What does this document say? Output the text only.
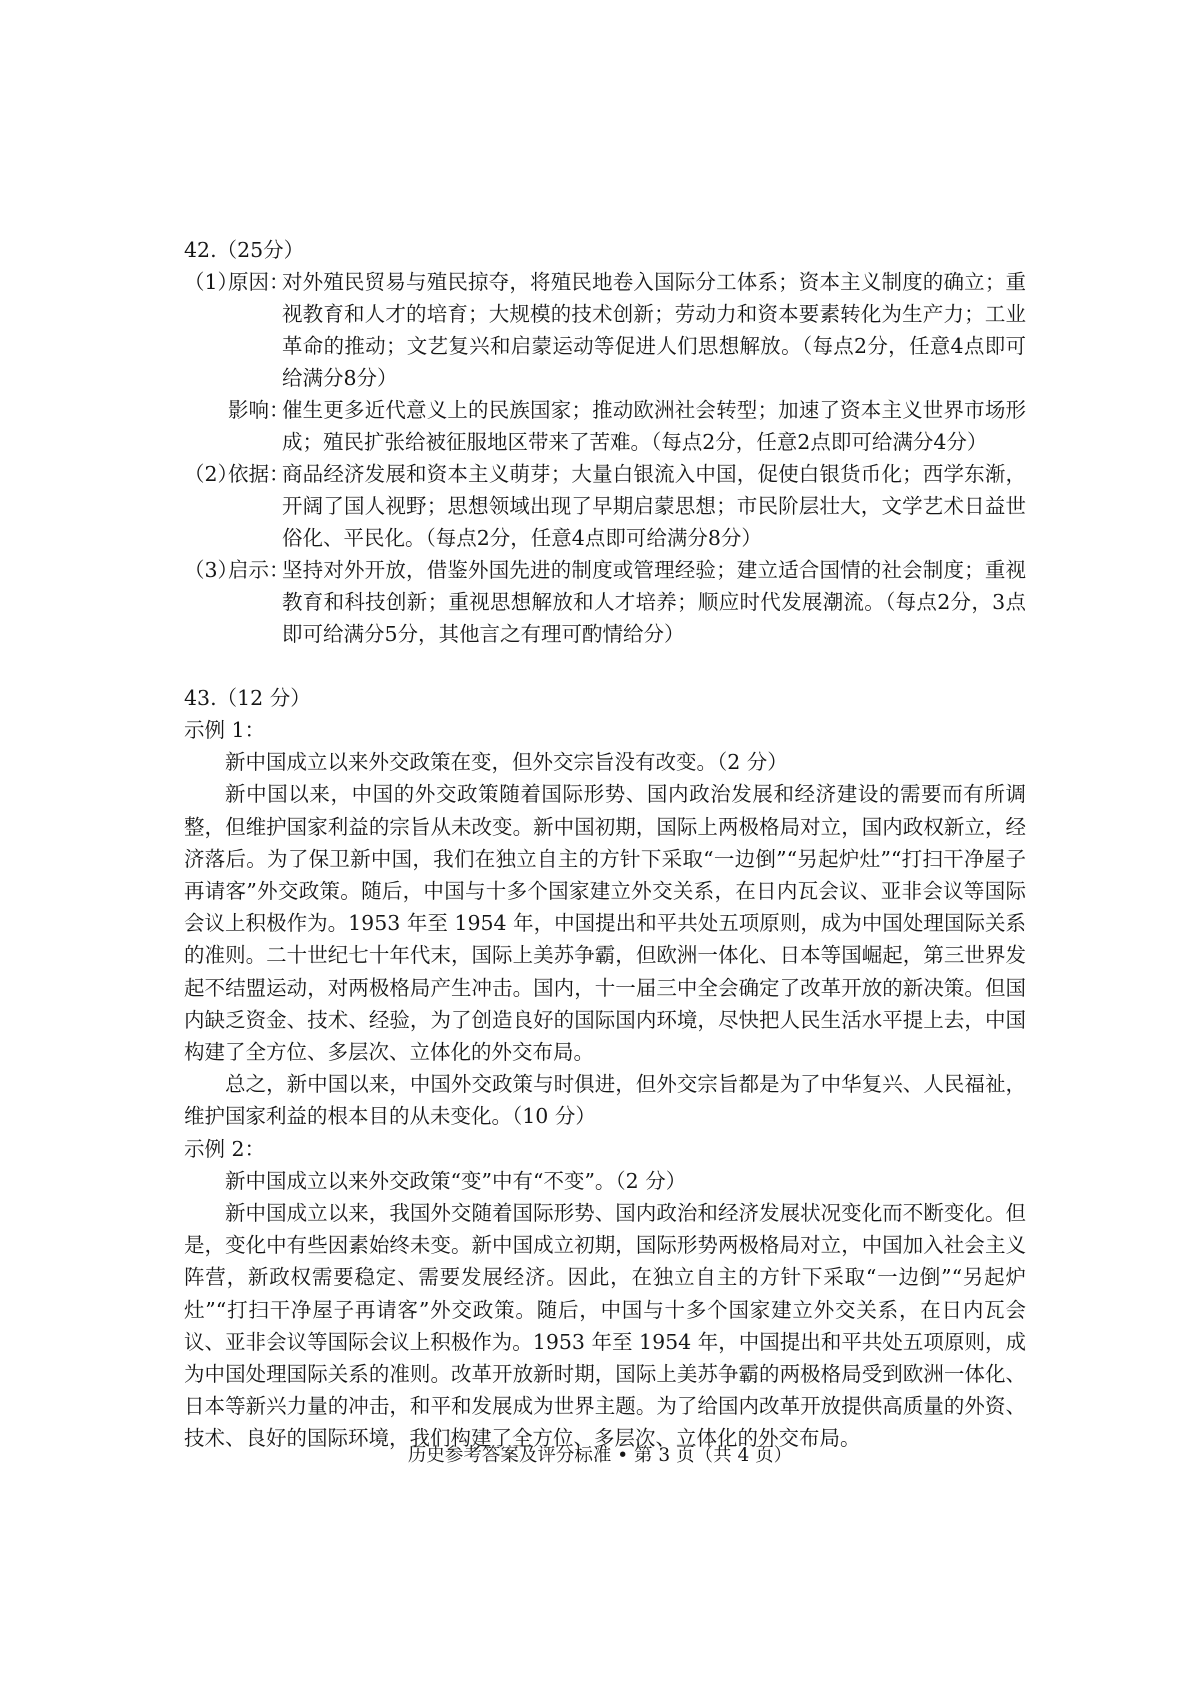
42.（25分）
（1）
原因：
对外殖民贸易与殖民掠夺，将殖民地卷入国际分工体系；资本主义制度的确立；重视教育和人才的培育；大规模的技术创新；劳动力和资本要素转化为生产力；工业革命的推动；文艺复兴和启蒙运动等促进人们思想解放。（每点2分，任意4点即可给满分8分）
影响：
催生更多近代意义上的民族国家；推动欧洲社会转型；加速了资本主义世界市场形成；殖民扩张给被征服地区带来了苦难。（每点2分，任意2点即可给满分4分）
（2）
依据：
商品经济发展和资本主义萌芽；大量白银流入中国，促使白银货币化；西学东渐，开阔了国人视野；思想领域出现了早期启蒙思想；市民阶层壮大，文学艺术日益世俗化、平民化。（每点2分，任意4点即可给满分8分）
（3）
启示：
坚持对外开放，借鉴外国先进的制度或管理经验；建立适合国情的社会制度；重视教育和科技创新；重视思想解放和人才培养；顺应时代发展潮流。（每点2分，3点即可给满分5分，其他言之有理可酌情给分）
43.（12 分）
示例 1：

新中国成立以来外交政策在变，但外交宗旨没有改变。（2 分）

新中国以来，中国的外交政策随着国际形势、国内政治发展和经济建设的需要而有所调整，但维护国家利益的宗旨从未改变。新中国初期，国际上两极格局对立，国内政权新立，经济落后。为了保卫新中国，我们在独立自主的方针下采取“一边倒”“另起炉灶”“打扫干净屋子再请客”外交政策。随后，中国与十多个国家建立外交关系，在日内瓦会议、亚非会议等国际会议上积极作为。1953 年至 1954 年，中国提出和平共处五项原则，成为中国处理国际关系的准则。二十世纪七十年代末，国际上美苏争霸，但欧洲一体化、日本等国崛起，第三世界发起不结盟运动，对两极格局产生冲击。国内，十一届三中全会确定了改革开放的新决策。但国内缺乏资金、技术、经验，为了创造良好的国际国内环境，尽快把人民生活水平提上去，中国构建了全方位、多层次、立体化的外交布局。

总之，新中国以来，中国外交政策与时俱进，但外交宗旨都是为了中华复兴、人民福祉，维护国家利益的根本目的从未变化。（10 分）

示例 2：

新中国成立以来外交政策“变”中有“不变”。（2 分）

新中国成立以来，我国外交随着国际形势、国内政治和经济发展状况变化而不断变化。但是，变化中有些因素始终未变。新中国成立初期，国际形势两极格局对立，中国加入社会主义阵营，新政权需要稳定、需要发展经济。因此，在独立自主的方针下采取“一边倒”“另起炉灶”“打扫干净屋子再请客”外交政策。随后，中国与十多个国家建立外交关系，在日内瓦会议、亚非会议等国际会议上积极作为。1953 年至 1954 年，中国提出和平共处五项原则，成为中国处理国际关系的准则。改革开放新时期，国际上美苏争霸的两极格局受到欧洲一体化、日本等新兴力量的冲击，和平和发展成为世界主题。为了给国内改革开放提供高质量的外资、技术、良好的国际环境，我们构建了全方位、多层次、立体化的外交布局。

历史参考答案及评分标准 • 第 3 页（共 4 页）
